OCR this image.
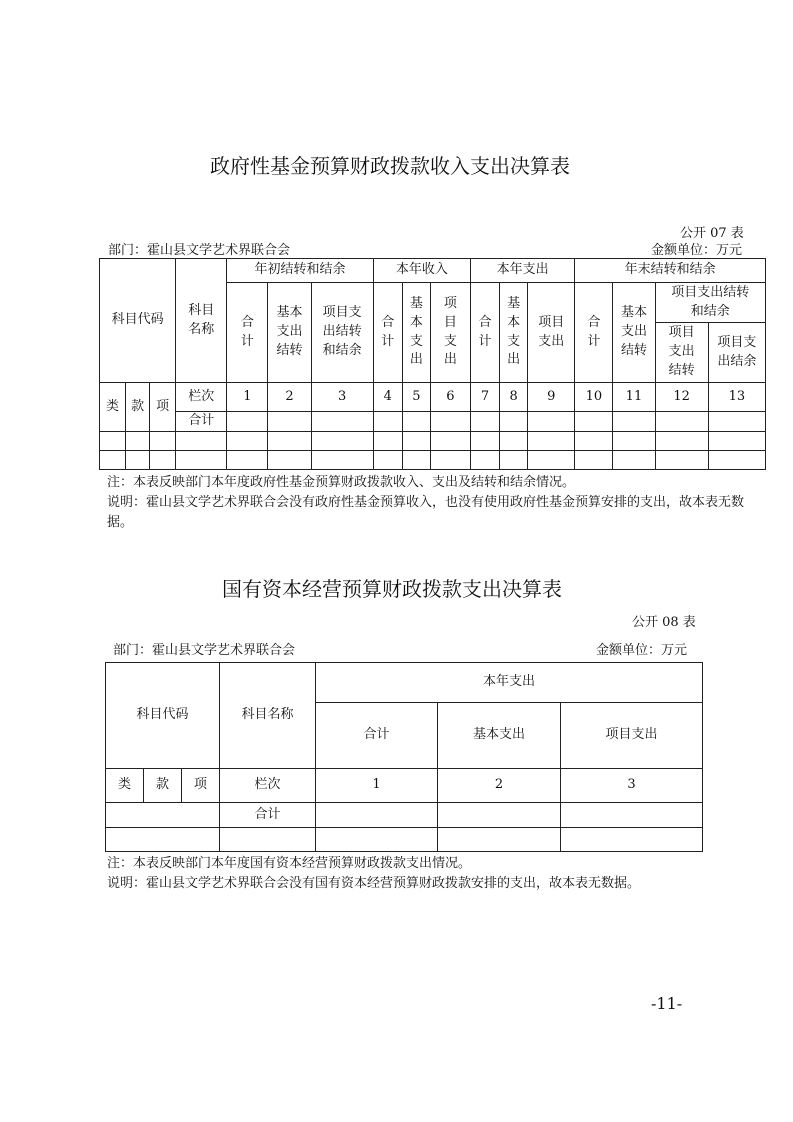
政府性基金预算财政拨款收入支出决算表
公开 07 表
部门：霍山县文学艺术界联合会	金额单位：万元
科目代码			科目名称	年初结转和结余			本年收入			本年支出			年末结转和结余			

				合计	基本支出结转	项目支出结转和结余	合计	基本支出	项目支出	合计	基本支出	项目支出	合计	基本支出结转	项目支出结转和结余	

															项目支出结转	项目支出结余

类	款	项	栏次	1	2	3	4	5	6	7	8	9	10	11	12	13
			合计													

注：本表反映部门本年度政府性基金预算财政拨款收入、支出及结转和结余情况。
说明：霍山县文学艺术界联合会没有政府性基金预算收入，也没有使用政府性基金预算安排的支出，故本表无数据。
国有资本经营预算财政拨款支出决算表
公开 08 表
部门：霍山县文学艺术界联合会	金额单位：万元
科目代码			科目名称	本年支出		
				合计	基本支出	项目支出
类	款	项	栏次	1	2	3
			合计			

注：本表反映部门本年度国有资本经营预算财政拨款支出情况。
说明：霍山县文学艺术界联合会没有国有资本经营预算财政拨款安排的支出，故本表无数据。
-11-
